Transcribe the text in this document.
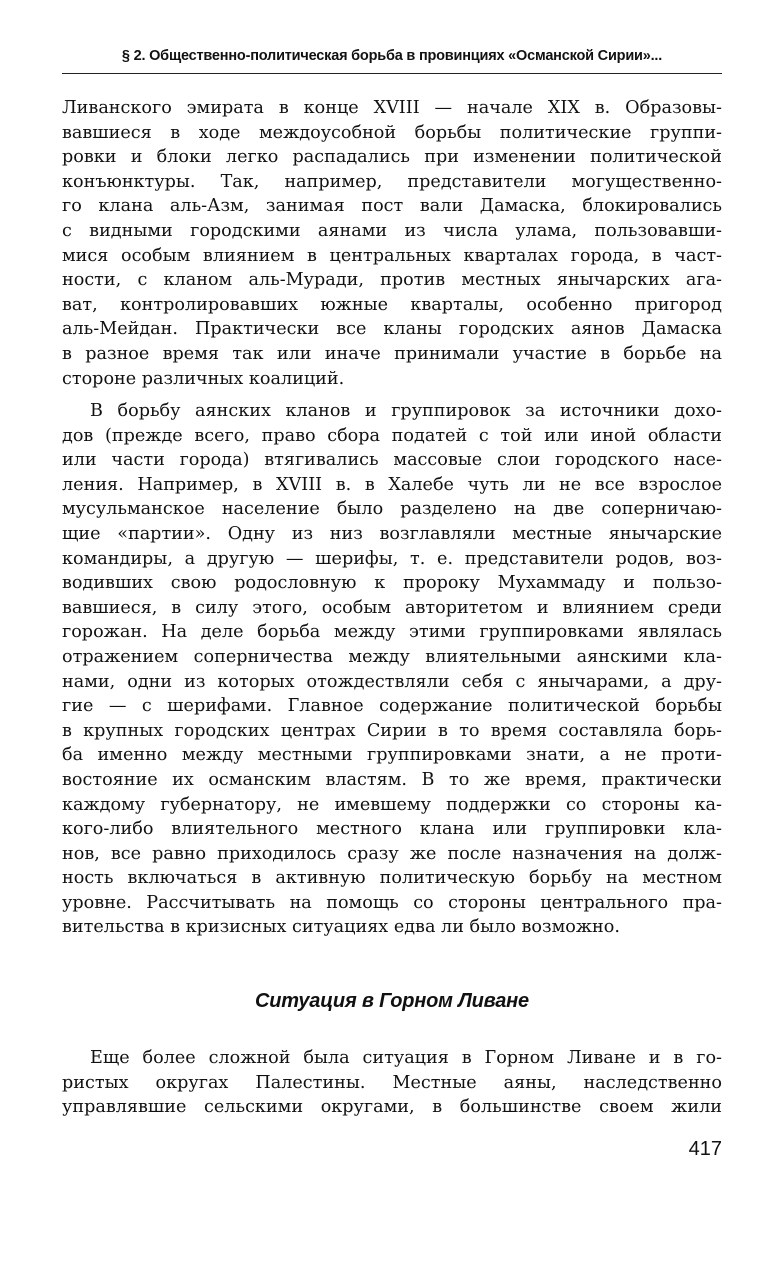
§ 2. Общественно-политическая борьба в провинциях «Османской Сирии»...
Ливанского эмирата в конце XVIII — начале XIX в. Образовы-
вавшиеся в ходе междоусобной борьбы политические группи-
ровки и блоки легко распадались при изменении политической
конъюнктуры. Так, например, представители могущественно-
го клана аль-Азм, занимая пост вали Дамаска, блокировались
с видными городскими аянами из числа улама, пользовавши-
мися особым влиянием в центральных кварталах города, в част-
ности, с кланом аль-Муради, против местных янычарских ага-
ват, контролировавших южные кварталы, особенно пригород
аль-Мейдан. Практически все кланы городских аянов Дамаска
в разное время так или иначе принимали участие в борьбе на
стороне различных коалиций.
В борьбу аянских кланов и группировок за источники дохо-
дов (прежде всего, право сбора податей с той или иной области
или части города) втягивались массовые слои городского насе-
ления. Например, в XVIII в. в Халебе чуть ли не все взрослое
мусульманское население было разделено на две соперничаю-
щие «партии». Одну из низ возглавляли местные янычарские
командиры, а другую — шерифы, т. е. представители родов, воз-
водивших свою родословную к пророку Мухаммаду и пользо-
вавшиеся, в силу этого, особым авторитетом и влиянием среди
горожан. На деле борьба между этими группировками являлась
отражением соперничества между влиятельными аянскими кла-
нами, одни из которых отождествляли себя с янычарами, а дру-
гие — с шерифами. Главное содержание политической борьбы
в крупных городских центрах Сирии в то время составляла борь-
ба именно между местными группировками знати, а не проти-
востояние их османским властям. В то же время, практически
каждому губернатору, не имевшему поддержки со стороны ка-
кого-либо влиятельного местного клана или группировки кла-
нов, все равно приходилось сразу же после назначения на долж-
ность включаться в активную политическую борьбу на местном
уровне. Рассчитывать на помощь со стороны центрального пра-
вительства в кризисных ситуациях едва ли было возможно.
Ситуация в Горном Ливане
Еще более сложной была ситуация в Горном Ливане и в го-
ристых округах Палестины. Местные аяны, наследственно
управлявшие сельскими округами, в большинстве своем жили
417
